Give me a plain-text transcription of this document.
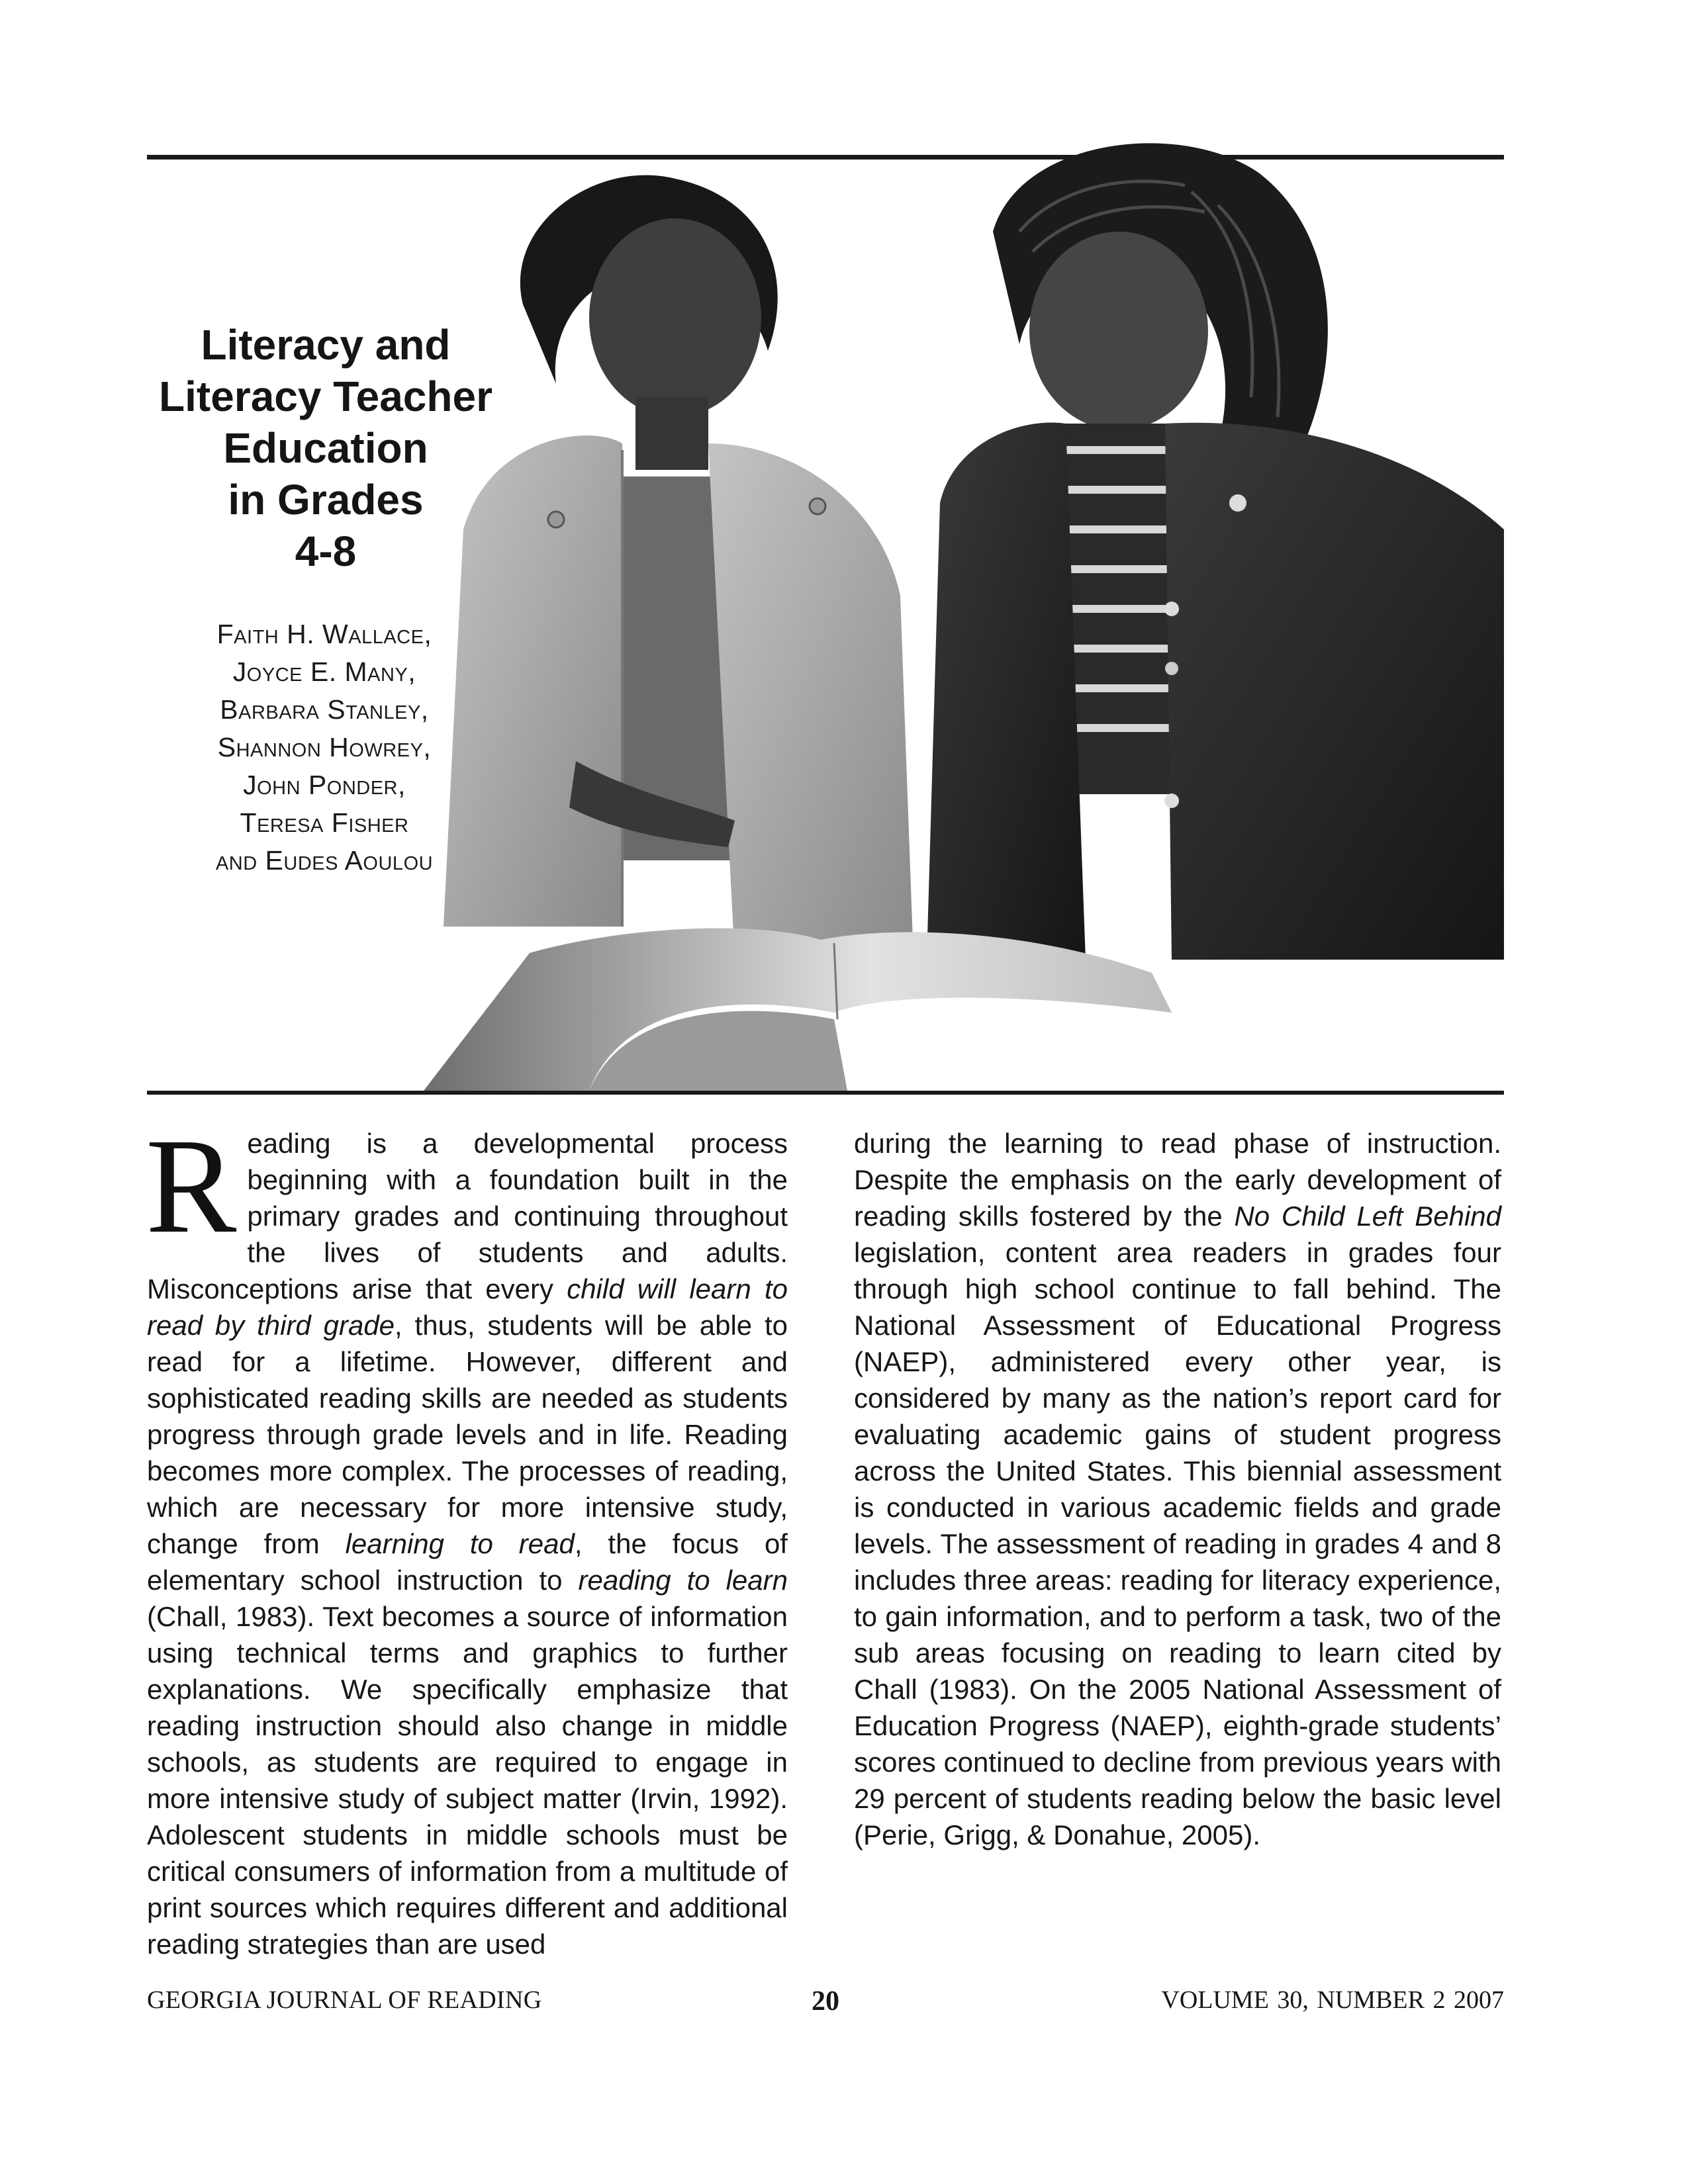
Literacy and
Literacy Teacher
Education
in Grades
4-8
Faith H. Wallace,
Joyce E. Many,
Barbara Stanley,
Shannon Howrey,
John Ponder,
Teresa Fisher
and Eudes Aoulou

Reading is a developmental process beginning with a foundation built in the primary grades and continuing throughout the lives of students and adults. Misconceptions arise that every child will learn to read by third grade, thus, students will be able to read for a lifetime. However, different and sophisticated reading skills are needed as students progress through grade levels and in life. Reading becomes more complex. The processes of reading, which are necessary for more intensive study, change from learning to read, the focus of elementary school instruction to reading to learn (Chall, 1983). Text becomes a source of information using technical terms and graphics to further explanations. We specifically emphasize that reading instruction should also change in middle schools, as students are required to engage in more intensive study of subject matter (Irvin, 1992). Adolescent students in middle schools must be critical consumers of information from a multitude of print sources which requires different and additional reading strategies than are used

during the learning to read phase of instruction. Despite the emphasis on the early development of reading skills fostered by the No Child Left Behind legislation, content area readers in grades four through high school continue to fall behind. The National Assessment of Educational Progress (NAEP), administered every other year, is considered by many as the nation’s report card for evaluating academic gains of student progress across the United States. This biennial assessment is conducted in various academic fields and grade levels. The assessment of reading in grades 4 and 8 includes three areas: reading for literacy experience, to gain information, and to perform a task, two of the sub areas focusing on reading to learn cited by Chall (1983). On the 2005 National Assessment of Education Progress (NAEP), eighth-grade students’ scores continued to decline from previous years with 29 percent of students reading below the basic level (Perie, Grigg, & Donahue, 2005).

GEORGIA JOURNAL OF READING	20	VOLUME 30, NUMBER 2 2007
